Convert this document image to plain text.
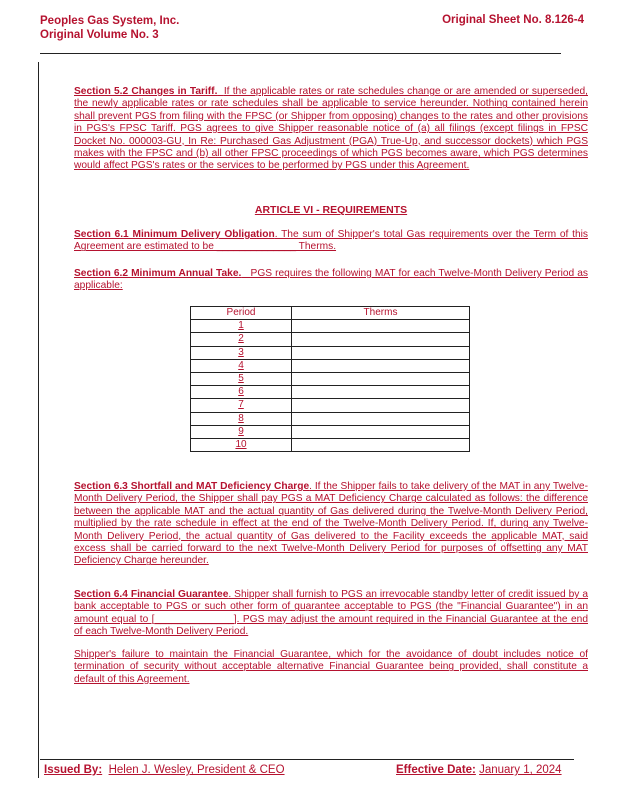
Peoples Gas System, Inc.
Original Volume No. 3
Original Sheet No. 8.126-4
Section 5.2 Changes in Tariff. If the applicable rates or rate schedules change or are amended or superseded, the newly applicable rates or rate schedules shall be applicable to service hereunder. Nothing contained herein shall prevent PGS from filing with the FPSC (or Shipper from opposing) changes to the rates and other provisions in PGS's FPSC Tariff. PGS agrees to give Shipper reasonable notice of (a) all filings (except filings in FPSC Docket No. 000003-GU, In Re: Purchased Gas Adjustment (PGA) True-Up, and successor dockets) which PGS makes with the FPSC and (b) all other FPSC proceedings of which PGS becomes aware, which PGS determines would affect PGS's rates or the services to be performed by PGS under this Agreement.
ARTICLE VI - REQUIREMENTS
Section 6.1 Minimum Delivery Obligation. The sum of Shipper's total Gas requirements over the Term of this Agreement are estimated to be ______________ Therms.
Section 6.2 Minimum Annual Take. PGS requires the following MAT for each Twelve-Month Delivery Period as applicable:
Period	Therms
1	
2	
3	
4	
5	
6	
7	
8	
9	
10	
Section 6.3 Shortfall and MAT Deficiency Charge. If the Shipper fails to take delivery of the MAT in any Twelve-Month Delivery Period, the Shipper shall pay PGS a MAT Deficiency Charge calculated as follows: the difference between the applicable MAT and the actual quantity of Gas delivered during the Twelve-Month Delivery Period, multiplied by the rate schedule in effect at the end of the Twelve-Month Delivery Period. If, during any Twelve-Month Delivery Period, the actual quantity of Gas delivered to the Facility exceeds the applicable MAT, said excess shall be carried forward to the next Twelve-Month Delivery Period for purposes of offsetting any MAT Deficiency Charge hereunder.
Section 6.4 Financial Guarantee. Shipper shall furnish to PGS an irrevocable standby letter of credit issued by a bank acceptable to PGS or such other form of guarantee acceptable to PGS (the "Financial Guarantee") in an amount equal to [______________]. PGS may adjust the amount required in the Financial Guarantee at the end of each Twelve-Month Delivery Period.
Shipper's failure to maintain the Financial Guarantee, which for the avoidance of doubt includes notice of termination of security without acceptable alternative Financial Guarantee being provided, shall constitute a default of this Agreement.
Issued By: Helen J. Wesley, President & CEO	Effective Date: January 1, 2024
